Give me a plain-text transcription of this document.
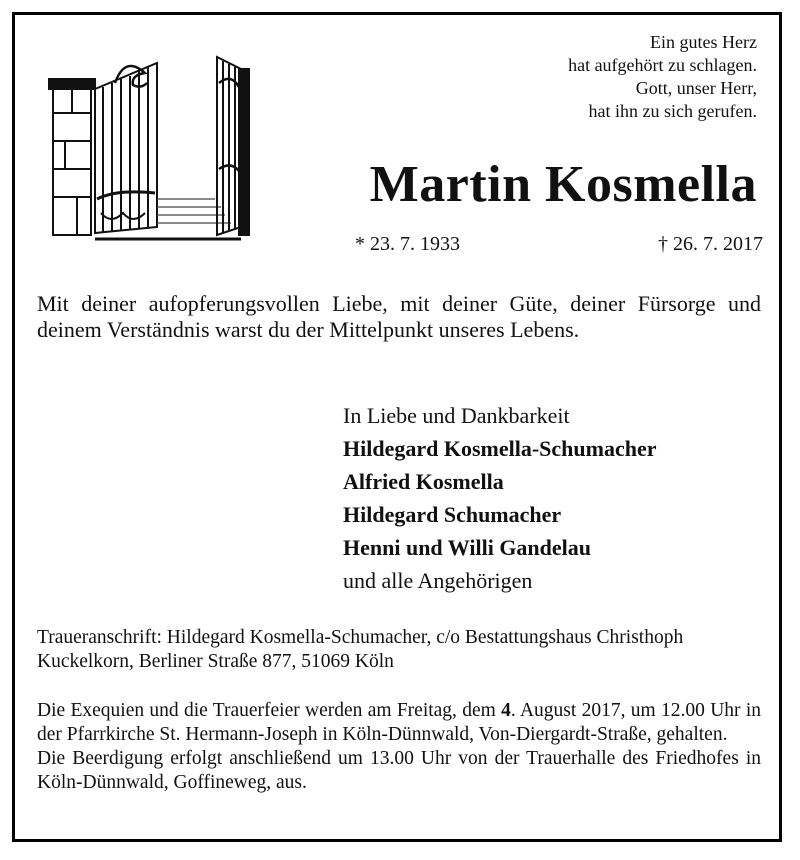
Ein gutes Herz
hat aufgehört zu schlagen.
Gott, unser Herr,
hat ihn zu sich gerufen.
Martin Kosmella
* 23. 7. 1933	† 26. 7. 2017
Mit deiner aufopferungsvollen Liebe, mit deiner Güte, deiner Fürsorge und deinem Verständnis warst du der Mittelpunkt unseres Lebens.
In Liebe und Dankbarkeit
Hildegard Kosmella-Schumacher
Alfried Kosmella
Hildegard Schumacher
Henni und Willi Gandelau
und alle Angehörigen
Traueranschrift: Hildegard Kosmella-Schumacher, c/o Bestattungshaus Christhoph Kuckelkorn, Berliner Straße 877, 51069 Köln

Die Exequien und die Trauerfeier werden am Freitag, dem 4. August 2017, um 12.00 Uhr in der Pfarrkirche St. Hermann-Joseph in Köln-Dünnwald, Von-Diergardt-Straße, gehalten.

Die Beerdigung erfolgt anschließend um 13.00 Uhr von der Trauerhalle des Friedhofes in Köln-Dünnwald, Goffineweg, aus.
